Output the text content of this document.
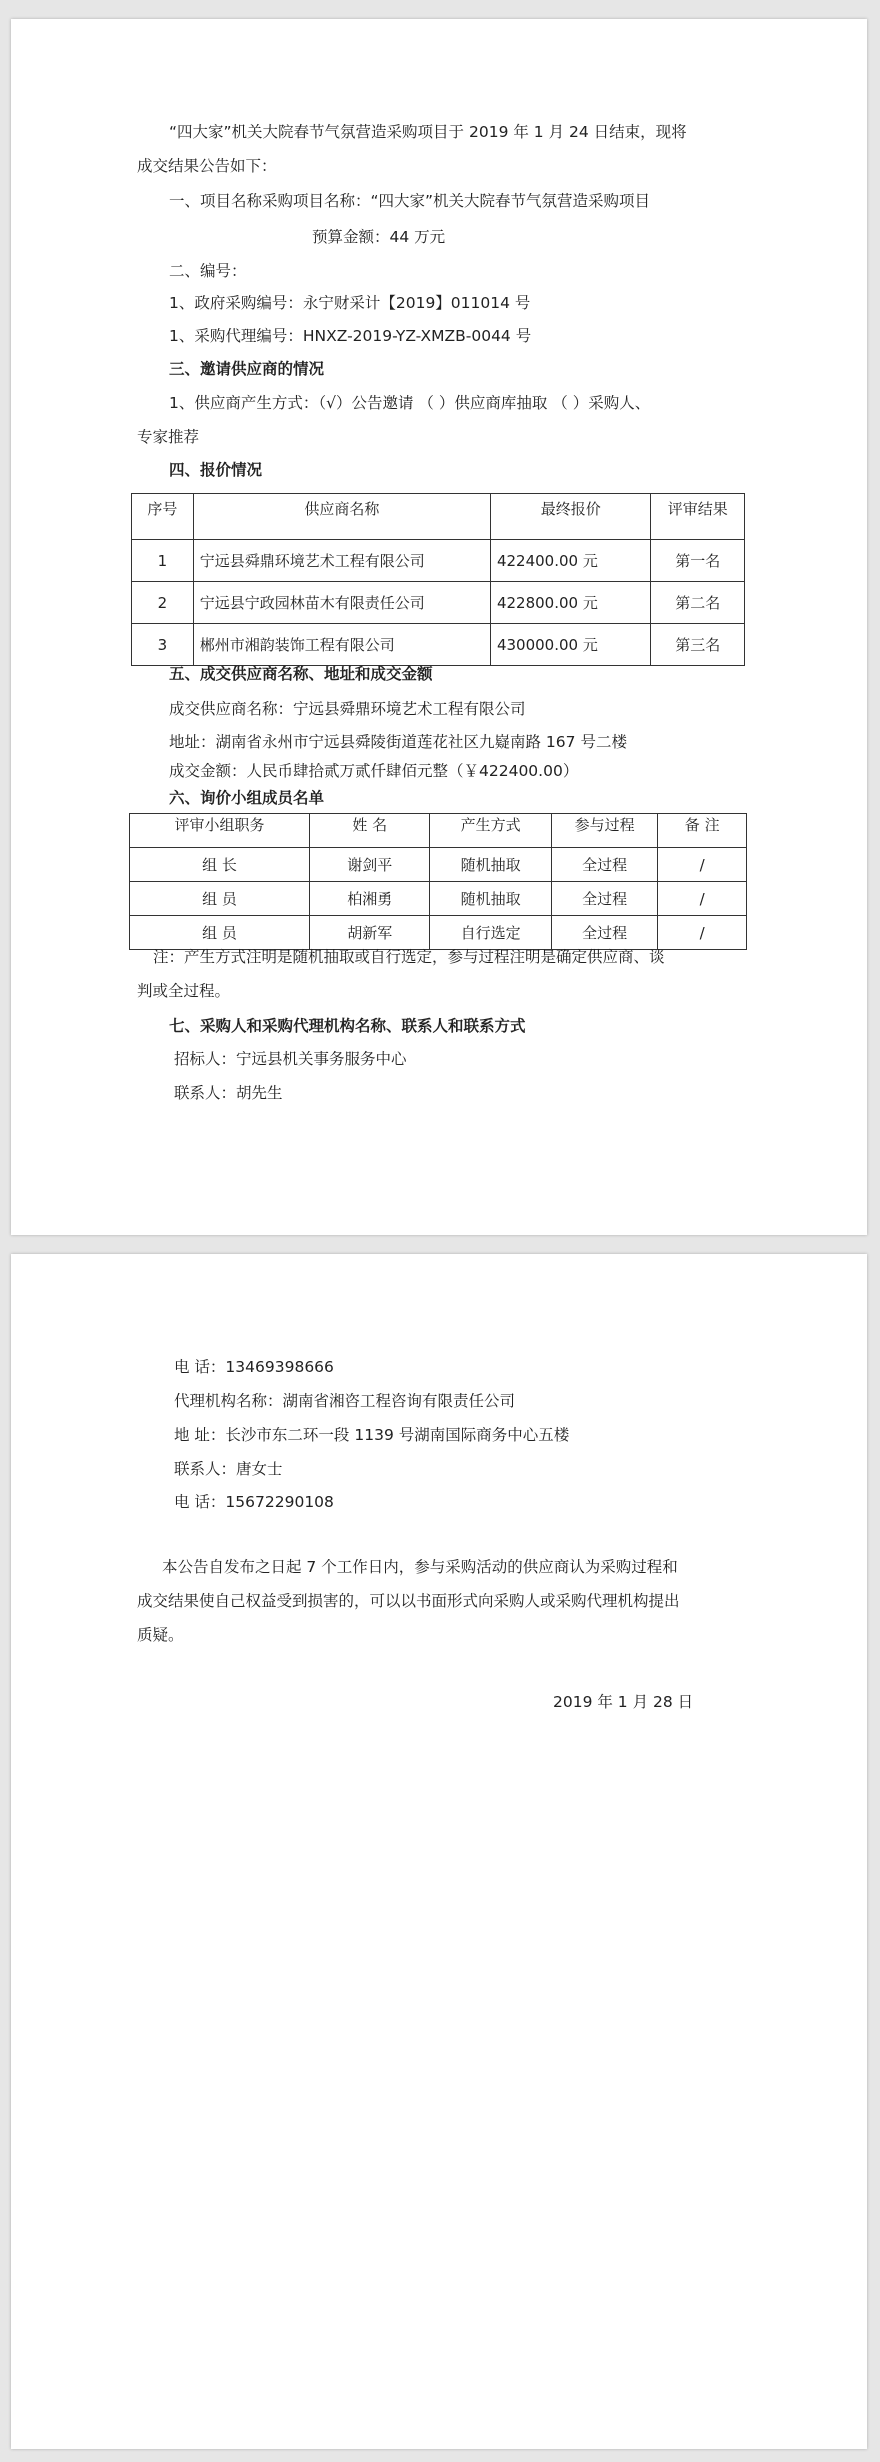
“四大家”机关大院春节气氛营造采购项目于 2019 年 1 月 24 日结束，现将
成交结果公告如下：
一、项目名称采购项目名称：“四大家”机关大院春节气氛营造采购项目
预算金额：44 万元
二、编号：
1、政府采购编号：永宁财采计【2019】011014 号
1、采购代理编号：HNXZ-2019-YZ-XMZB-0044 号
三、邀请供应商的情况
1、供应商产生方式：（√）公告邀请 （ ）供应商库抽取 （ ）采购人、
专家推荐
四、报价情况
序号	供应商名称	最终报价	评审结果
1	宁远县舜鼎环境艺术工程有限公司	422400.00 元	第一名
2	宁远县宁政园林苗木有限责任公司	422800.00 元	第二名
3	郴州市湘韵装饰工程有限公司	430000.00 元	第三名
五、成交供应商名称、地址和成交金额
成交供应商名称：宁远县舜鼎环境艺术工程有限公司
地址：湖南省永州市宁远县舜陵街道莲花社区九嶷南路 167 号二楼
成交金额：人民币肆拾贰万贰仟肆佰元整（￥422400.00）
六、询价小组成员名单
评审小组职务	姓 名	产生方式	参与过程	备 注
组 长	谢剑平	随机抽取	全过程	/
组 员	柏湘勇	随机抽取	全过程	/
组 员	胡新军	自行选定	全过程	/
注：产生方式注明是随机抽取或自行选定，参与过程注明是确定供应商、谈
判或全过程。
七、采购人和采购代理机构名称、联系人和联系方式
招标人：宁远县机关事务服务中心
联系人：胡先生
电 话：13469398666
代理机构名称：湖南省湘咨工程咨询有限责任公司
地 址：长沙市东二环一段 1139 号湖南国际商务中心五楼
联系人：唐女士
电 话：15672290108
本公告自发布之日起 7 个工作日内，参与采购活动的供应商认为采购过程和
成交结果使自己权益受到损害的，可以以书面形式向采购人或采购代理机构提出
质疑。
2019 年 1 月 28 日
